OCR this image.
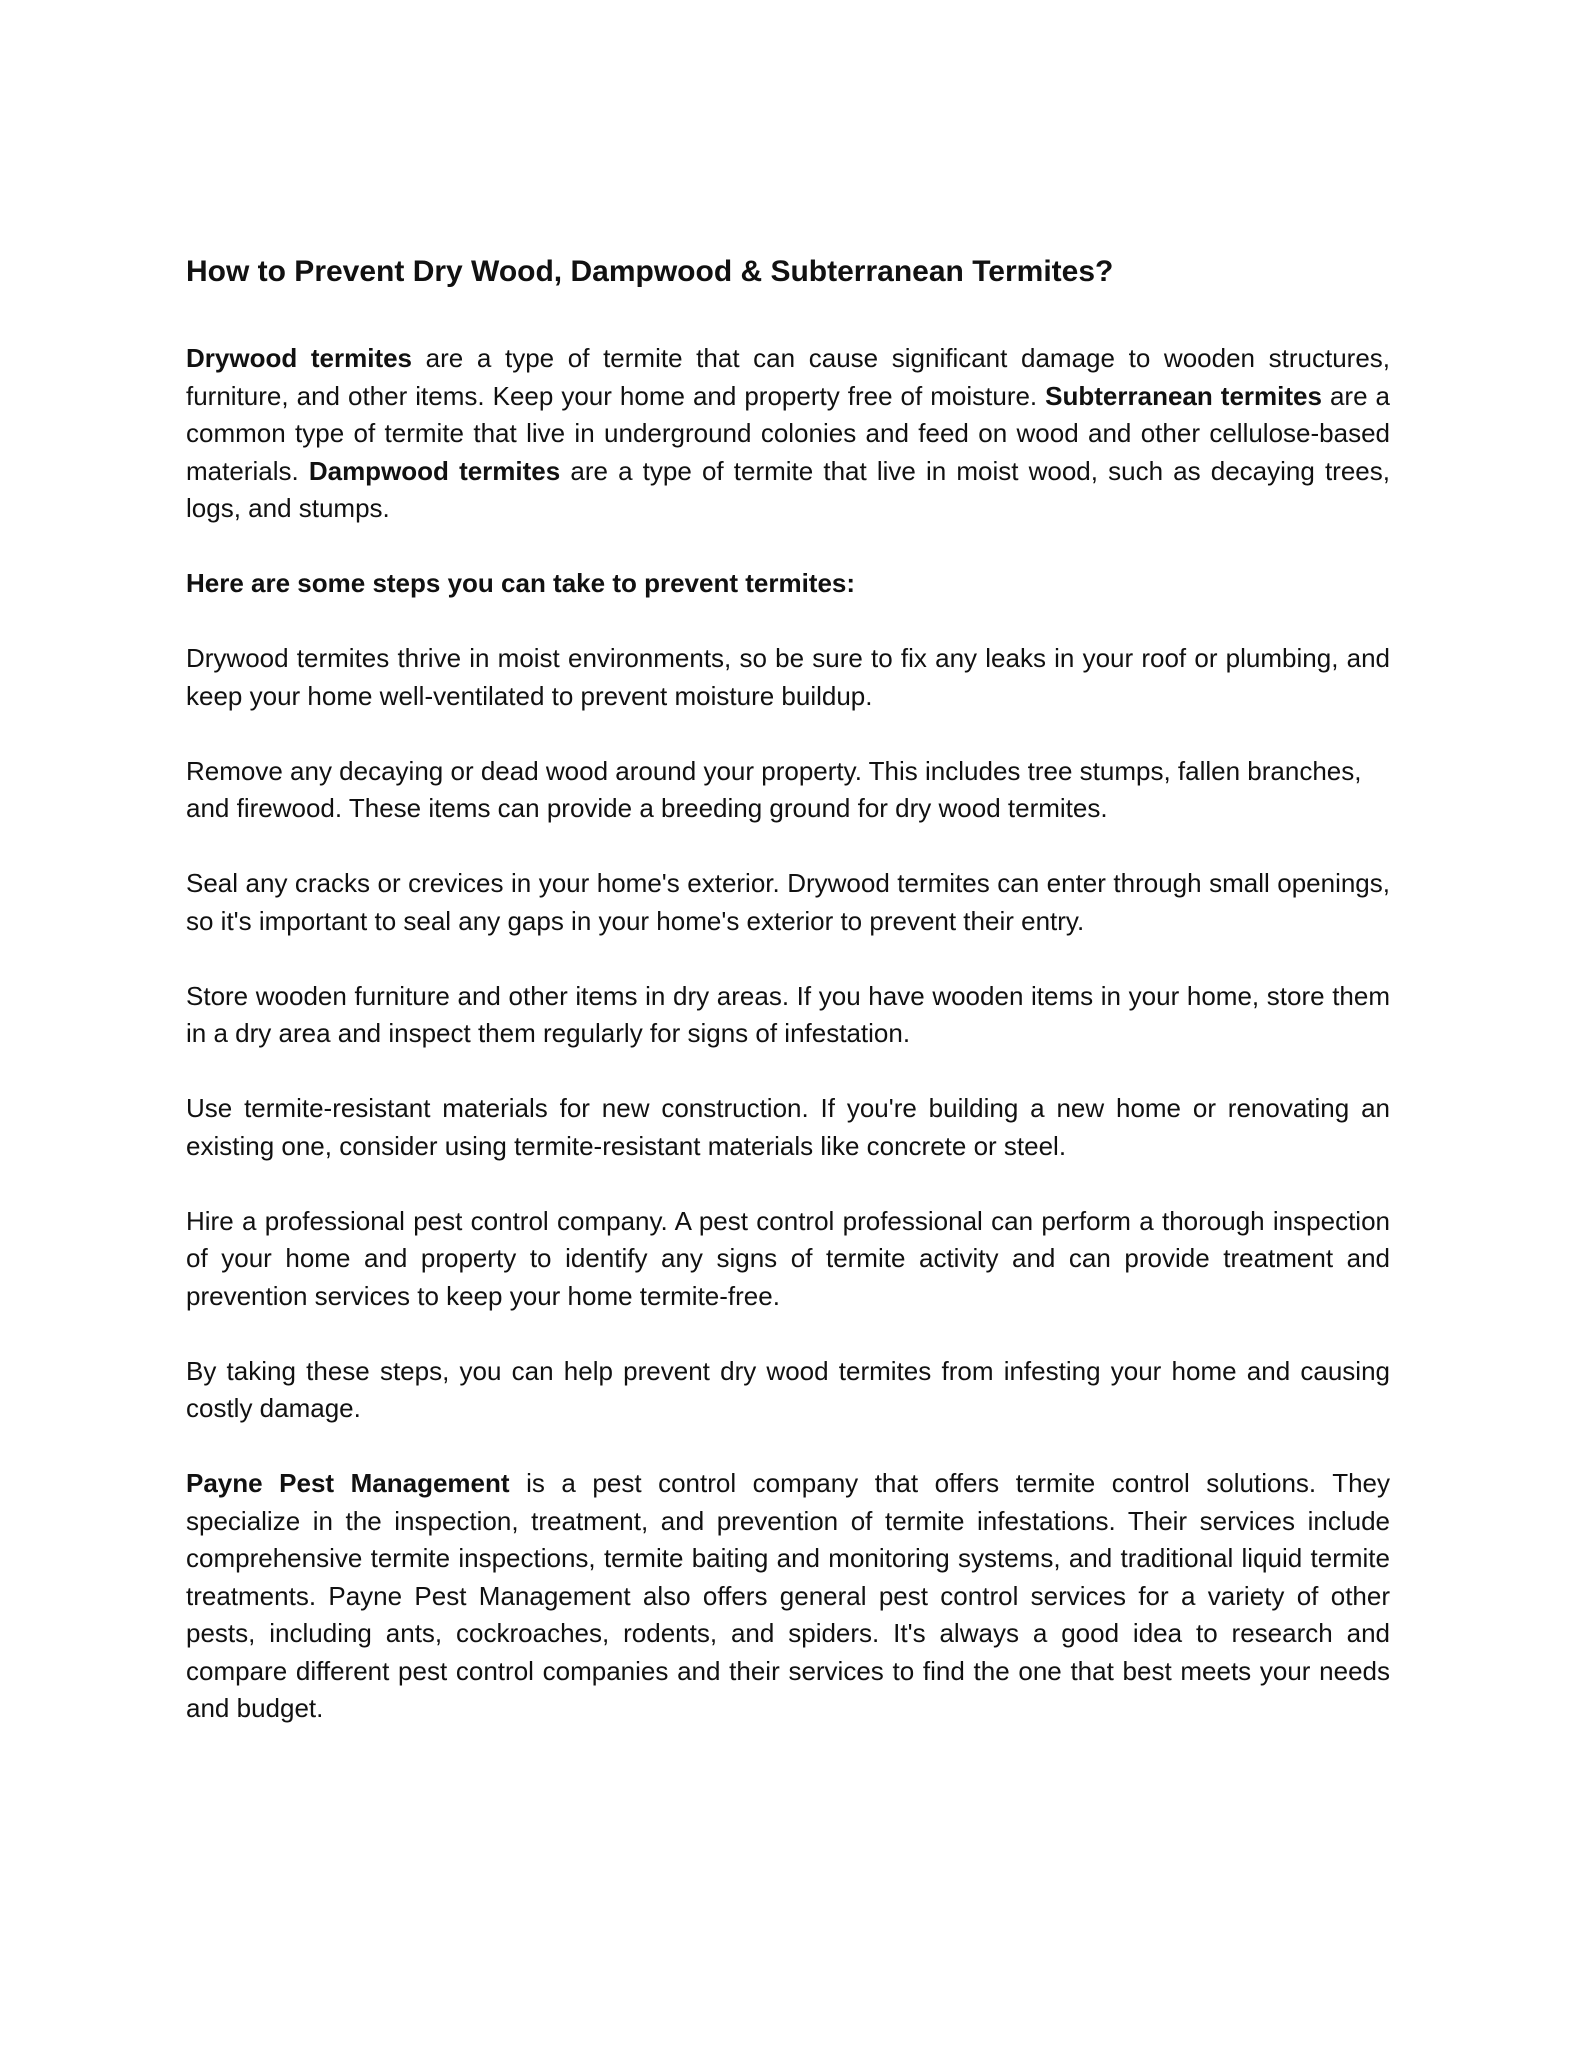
How to Prevent Dry Wood, Dampwood & Subterranean Termites?

Drywood termites are a type of termite that can cause significant damage to wooden structures, furniture, and other items. Keep your home and property free of moisture. Subterranean termites are a common type of termite that live in underground colonies and feed on wood and other cellulose-based materials. Dampwood termites are a type of termite that live in moist wood, such as decaying trees, logs, and stumps.

Here are some steps you can take to prevent termites:

Drywood termites thrive in moist environments, so be sure to fix any leaks in your roof or plumbing, and keep your home well-ventilated to prevent moisture buildup.

Remove any decaying or dead wood around your property. This includes tree stumps, fallen branches, and firewood. These items can provide a breeding ground for dry wood termites.

Seal any cracks or crevices in your home's exterior. Drywood termites can enter through small openings, so it's important to seal any gaps in your home's exterior to prevent their entry.

Store wooden furniture and other items in dry areas. If you have wooden items in your home, store them in a dry area and inspect them regularly for signs of infestation.

Use termite-resistant materials for new construction. If you're building a new home or renovating an existing one, consider using termite-resistant materials like concrete or steel.

Hire a professional pest control company. A pest control professional can perform a thorough inspection of your home and property to identify any signs of termite activity and can provide treatment and prevention services to keep your home termite-free.

By taking these steps, you can help prevent dry wood termites from infesting your home and causing costly damage.

Payne Pest Management is a pest control company that offers termite control solutions. They specialize in the inspection, treatment, and prevention of termite infestations. Their services include comprehensive termite inspections, termite baiting and monitoring systems, and traditional liquid termite treatments. Payne Pest Management also offers general pest control services for a variety of other pests, including ants, cockroaches, rodents, and spiders. It's always a good idea to research and compare different pest control companies and their services to find the one that best meets your needs and budget.
